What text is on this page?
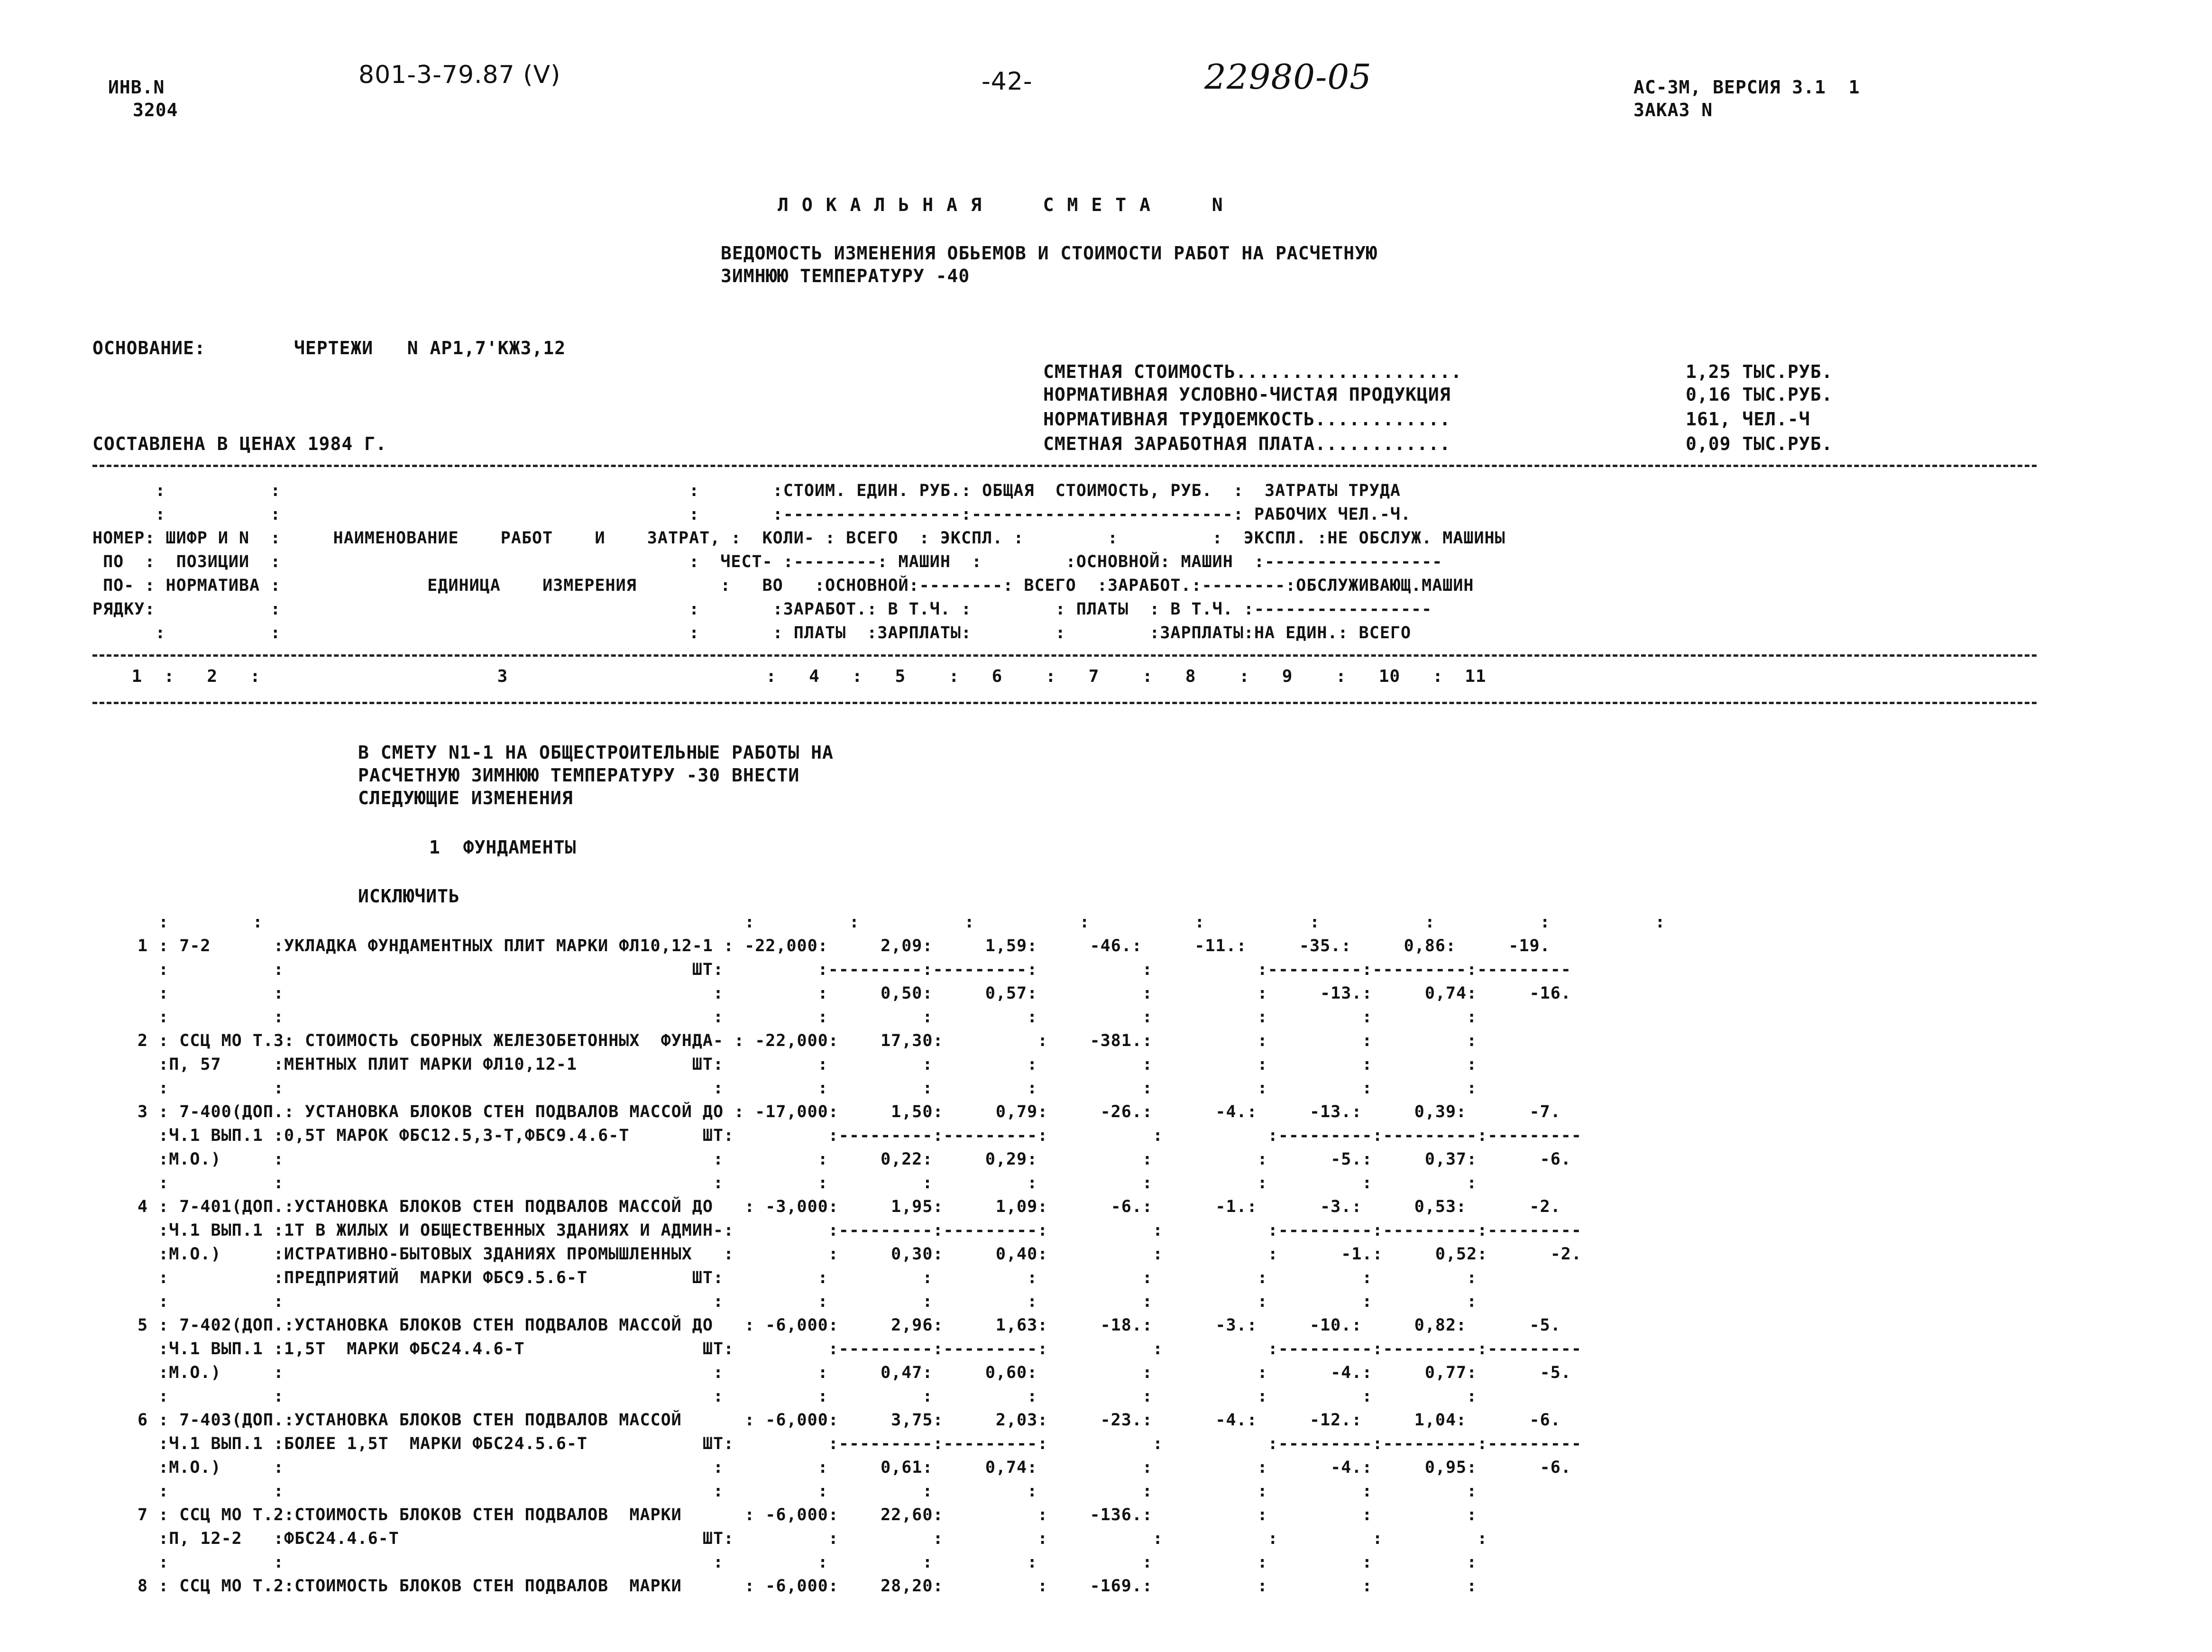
ИНВ.N
3204
801-3-79.87 (V)	-42-	22980-05	АС-3М, ВЕРСИЯ 3.1  1
ЗАКАЗ N
ЛОКАЛЬНАЯ  СМЕТА  N
ВЕДОМОСТЬ ИЗМЕНЕНИЯ ОБЬЕМОВ И СТОИМОСТИ РАБОТ НА РАСЧЕТНУЮ
ЗИМНЮЮ ТЕМПЕРАТУРУ -40
ОСНОВАНИЕ:	ЧЕРТЕЖИ   N АР1,7'КЖ3,12
СОСТАВЛЕНА В ЦЕНАХ 1984 Г.
СМЕТНАЯ СТОИМОСТЬ....................	1,25 ТЫС.РУБ.
НОРМАТИВНАЯ УСЛОВНО-ЧИСТАЯ ПРОДУКЦИЯ	0,16 ТЫС.РУБ.
НОРМАТИВНАЯ ТРУДОЕМКОСТЬ............	161, ЧЕЛ.-Ч
СМЕТНАЯ ЗАРАБОТНАЯ ПЛАТА............	0,09 ТЫС.РУБ.
:          :                                       :       :СТОИМ. ЕДИН. РУБ.: ОБЩАЯ  СТОИМОСТЬ, РУБ.  :  ЗАТРАТЫ ТРУДА
:          :                                       :       :-----------------:-------------------------: РАБОЧИХ ЧЕЛ.-Ч.
НОМЕР: ШИФР И N  :     НАИМЕНОВАНИЕ    РАБОТ    И    ЗАТРАТ, :  КОЛИ- : ВСЕГО  : ЭКСПЛ. :        :         :  ЭКСПЛ. :НЕ ОБСЛУЖ. МАШИНЫ
ПО  :  ПОЗИЦИИ  :                                       :  ЧЕСТ- :--------: МАШИН  :        :ОСНОВНОЙ: МАШИН  :-----------------
ПО- : НОРМАТИВА :              ЕДИНИЦА    ИЗМЕРЕНИЯ        :   ВО   :ОСНОВНОЙ:--------: ВСЕГО  :ЗАРАБОТ.:--------:ОБСЛУЖИВАЮЩ.МАШИН
РЯДКУ:           :                                       :       :ЗАРАБОТ.: В Т.Ч. :        : ПЛАТЫ  : В Т.Ч. :-----------------
:          :                                       :       : ПЛАТЫ  :ЗАРПЛАТЫ:        :        :ЗАРПЛАТЫ:НА ЕДИН.: ВСЕГО
1  :   2   :                      3                        :   4   :   5    :   6    :   7    :   8    :   9    :   10   :  11
В СМЕТУ N1-1 НА ОБЩЕСТРОИТЕЛЬНЫЕ РАБОТЫ НА
РАСЧЕТНУЮ ЗИМНЮЮ ТЕМПЕРАТУРУ -30 ВНЕСТИ
СЛЕДУЮЩИЕ ИЗМЕНЕНИЯ
1  ФУНДАМЕНТЫ
ИСКЛЮЧИТЬ
:        :                                              :         :          :          :          :          :          :          :          :
1 : 7-2      :УКЛАДКА ФУНДАМЕНТНЫХ ПЛИТ МАРКИ ФЛ10,12-1 : -22,000:     2,09:     1,59:     -46.:     -11.:     -35.:     0,86:     -19.
:          :                                       ШТ:         :---------:---------:          :          :---------:---------:---------
:          :                                         :         :     0,50:     0,57:          :          :     -13.:     0,74:     -16.
:          :                                         :         :         :         :          :          :         :         :
2 : ССЦ МО Т.3: СТОИМОСТЬ СБОРНЫХ ЖЕЛЕЗОБЕТОННЫХ  ФУНДА- : -22,000:    17,30:         :    -381.:          :         :         :
:П, 57     :МЕНТНЫХ ПЛИТ МАРКИ ФЛ10,12-1           ШТ:         :         :         :          :          :         :         :
:          :                                         :         :         :         :          :          :         :         :
3 : 7-400(ДОП.: УСТАНОВКА БЛОКОВ СТЕН ПОДВАЛОВ МАССОЙ ДО : -17,000:     1,50:     0,79:     -26.:      -4.:     -13.:     0,39:      -7.
:Ч.1 ВЫП.1 :0,5Т МАРОК ФБС12.5,3-Т,ФБС9.4.6-Т       ШТ:         :---------:---------:          :          :---------:---------:---------
:М.О.)     :                                         :         :     0,22:     0,29:          :          :      -5.:     0,37:      -6.
:          :                                         :         :         :         :          :          :         :         :
4 : 7-401(ДОП.:УСТАНОВКА БЛОКОВ СТЕН ПОДВАЛОВ МАССОЙ ДО   : -3,000:     1,95:     1,09:      -6.:      -1.:      -3.:     0,53:      -2.
:Ч.1 ВЫП.1 :1Т В ЖИЛЫХ И ОБЩЕСТВЕННЫХ ЗДАНИЯХ И АДМИН-:         :---------:---------:          :          :---------:---------:---------
:М.О.)     :ИСТРАТИВНО-БЫТОВЫХ ЗДАНИЯХ ПРОМЫШЛЕННЫХ   :         :     0,30:     0,40:          :          :      -1.:     0,52:      -2.
:          :ПРЕДПРИЯТИЙ  МАРКИ ФБС9.5.6-Т          ШТ:         :         :         :          :          :         :         :
:          :                                         :         :         :         :          :          :         :         :
5 : 7-402(ДОП.:УСТАНОВКА БЛОКОВ СТЕН ПОДВАЛОВ МАССОЙ ДО   : -6,000:     2,96:     1,63:     -18.:      -3.:     -10.:     0,82:      -5.
:Ч.1 ВЫП.1 :1,5Т  МАРКИ ФБС24.4.6-Т                 ШТ:         :---------:---------:          :          :---------:---------:---------
:М.О.)     :                                         :         :     0,47:     0,60:          :          :      -4.:     0,77:      -5.
:          :                                         :         :         :         :          :          :         :         :
6 : 7-403(ДОП.:УСТАНОВКА БЛОКОВ СТЕН ПОДВАЛОВ МАССОЙ      : -6,000:     3,75:     2,03:     -23.:      -4.:     -12.:     1,04:      -6.
:Ч.1 ВЫП.1 :БОЛЕЕ 1,5Т  МАРКИ ФБС24.5.6-Т           ШТ:         :---------:---------:          :          :---------:---------:---------
:М.О.)     :                                         :         :     0,61:     0,74:          :          :      -4.:     0,95:      -6.
:          :                                         :         :         :         :          :          :         :         :
7 : ССЦ МО Т.2:СТОИМОСТЬ БЛОКОВ СТЕН ПОДВАЛОВ  МАРКИ      : -6,000:    22,60:         :    -136.:          :         :         :
:П, 12-2   :ФБС24.4.6-Т                             ШТ:         :         :         :          :          :         :         :
:          :                                         :         :         :         :          :          :         :         :
8 : ССЦ МО Т.2:СТОИМОСТЬ БЛОКОВ СТЕН ПОДВАЛОВ  МАРКИ      : -6,000:    28,20:         :    -169.:          :         :         :
